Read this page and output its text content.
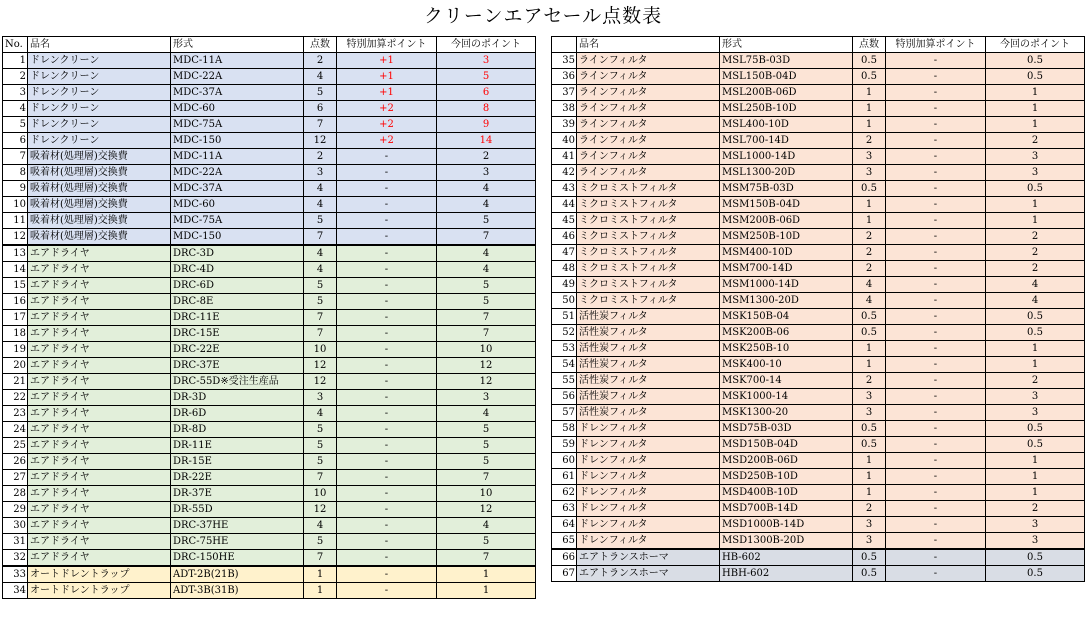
クリーンエアセール点数表
No.	品名	形式	点数	特別加算ポイント	今回のポイント
1	ドレンクリーン	MDC-11A	2	+1	3
2	ドレンクリーン	MDC-22A	4	+1	5
3	ドレンクリーン	MDC-37A	5	+1	6
4	ドレンクリーン	MDC-60	6	+2	8
5	ドレンクリーン	MDC-75A	7	+2	9
6	ドレンクリーン	MDC-150	12	+2	14
7	吸着材(処理層)交換費	MDC-11A	2	-	2
8	吸着材(処理層)交換費	MDC-22A	3	-	3
9	吸着材(処理層)交換費	MDC-37A	4	-	4
10	吸着材(処理層)交換費	MDC-60	4	-	4
11	吸着材(処理層)交換費	MDC-75A	5	-	5
12	吸着材(処理層)交換費	MDC-150	7	-	7
13	エアドライヤ	DRC-3D	4	-	4
14	エアドライヤ	DRC-4D	4	-	4
15	エアドライヤ	DRC-6D	5	-	5
16	エアドライヤ	DRC-8E	5	-	5
17	エアドライヤ	DRC-11E	7	-	7
18	エアドライヤ	DRC-15E	7	-	7
19	エアドライヤ	DRC-22E	10	-	10
20	エアドライヤ	DRC-37E	12	-	12
21	エアドライヤ	DRC-55D※受注生産品	12	-	12
22	エアドライヤ	DR-3D	3	-	3
23	エアドライヤ	DR-6D	4	-	4
24	エアドライヤ	DR-8D	5	-	5
25	エアドライヤ	DR-11E	5	-	5
26	エアドライヤ	DR-15E	5	-	5
27	エアドライヤ	DR-22E	7	-	7
28	エアドライヤ	DR-37E	10	-	10
29	エアドライヤ	DR-55D	12	-	12
30	エアドライヤ	DRC-37HE	4	-	4
31	エアドライヤ	DRC-75HE	5	-	5
32	エアドライヤ	DRC-150HE	7	-	7
33	オートドレントラップ	ADT-2B(21B)	1	-	1
34	オートドレントラップ	ADT-3B(31B)	1	-	1
	品名	形式	点数	特別加算ポイント	今回のポイント
35	ラインフィルタ	MSL75B-03D	0.5	-	0.5
36	ラインフィルタ	MSL150B-04D	0.5	-	0.5
37	ラインフィルタ	MSL200B-06D	1	-	1
38	ラインフィルタ	MSL250B-10D	1	-	1
39	ラインフィルタ	MSL400-10D	1	-	1
40	ラインフィルタ	MSL700-14D	2	-	2
41	ラインフィルタ	MSL1000-14D	3	-	3
42	ラインフィルタ	MSL1300-20D	3	-	3
43	ミクロミストフィルタ	MSM75B-03D	0.5	-	0.5
44	ミクロミストフィルタ	MSM150B-04D	1	-	1
45	ミクロミストフィルタ	MSM200B-06D	1	-	1
46	ミクロミストフィルタ	MSM250B-10D	2	-	2
47	ミクロミストフィルタ	MSM400-10D	2	-	2
48	ミクロミストフィルタ	MSM700-14D	2	-	2
49	ミクロミストフィルタ	MSM1000-14D	4	-	4
50	ミクロミストフィルタ	MSM1300-20D	4	-	4
51	活性炭フィルタ	MSK150B-04	0.5	-	0.5
52	活性炭フィルタ	MSK200B-06	0.5	-	0.5
53	活性炭フィルタ	MSK250B-10	1	-	1
54	活性炭フィルタ	MSK400-10	1	-	1
55	活性炭フィルタ	MSK700-14	2	-	2
56	活性炭フィルタ	MSK1000-14	3	-	3
57	活性炭フィルタ	MSK1300-20	3	-	3
58	ドレンフィルタ	MSD75B-03D	0.5	-	0.5
59	ドレンフィルタ	MSD150B-04D	0.5	-	0.5
60	ドレンフィルタ	MSD200B-06D	1	-	1
61	ドレンフィルタ	MSD250B-10D	1	-	1
62	ドレンフィルタ	MSD400B-10D	1	-	1
63	ドレンフィルタ	MSD700B-14D	2	-	2
64	ドレンフィルタ	MSD1000B-14D	3	-	3
65	ドレンフィルタ	MSD1300B-20D	3	-	3
66	エアトランスホーマ	HB-602	0.5	-	0.5
67	エアトランスホーマ	HBH-602	0.5	-	0.5
